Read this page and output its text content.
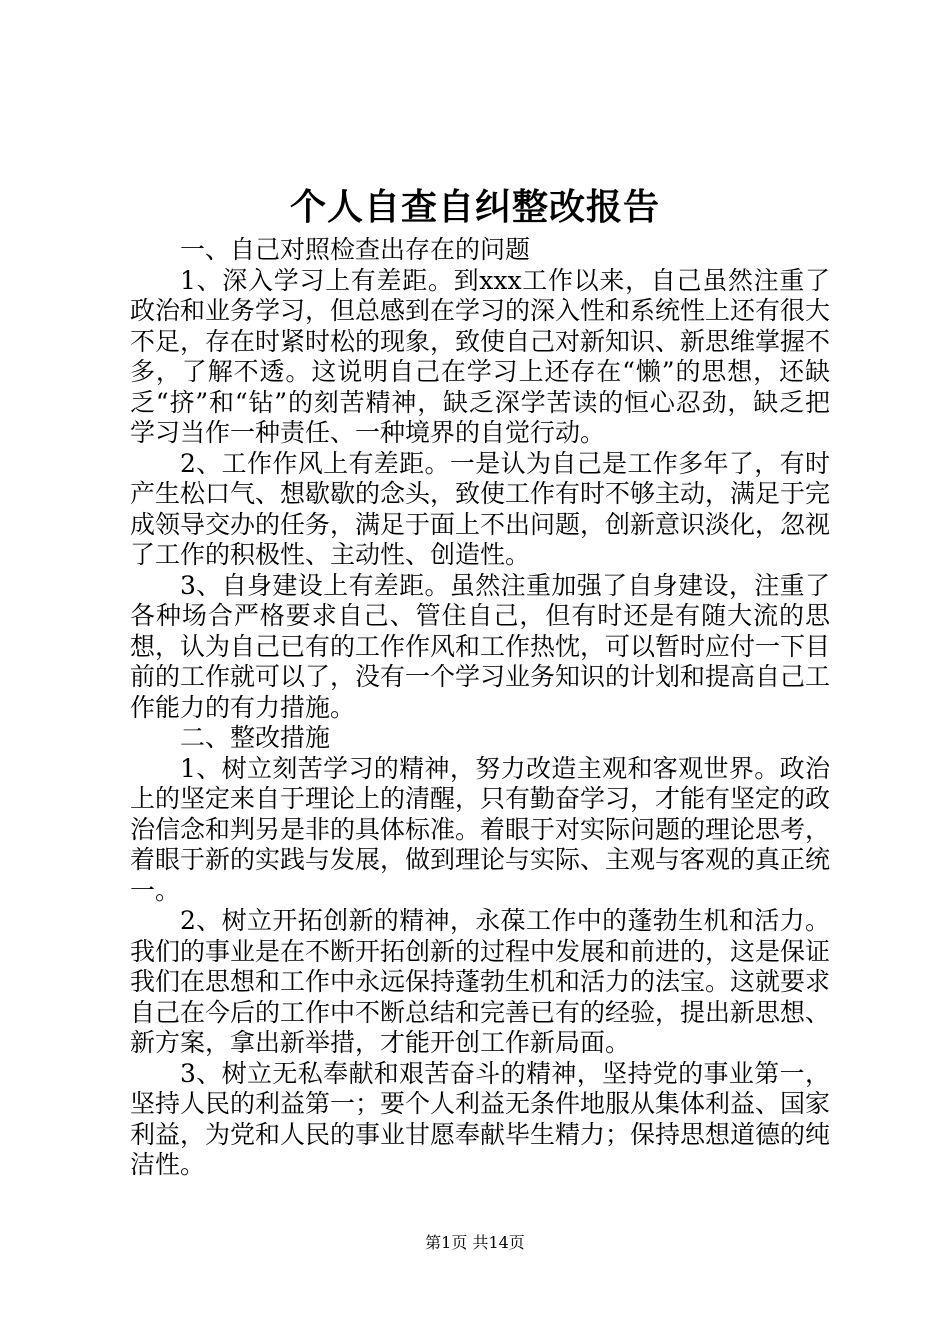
个人自查自纠整改报告

一、自己对照检查出存在的问题

1、深入学习上有差距。到xxx工作以来，自己虽然注重了政治和业务学习，但总感到在学习的深入性和系统性上还有很大不足，存在时紧时松的现象，致使自己对新知识、新思维掌握不多，了解不透。这说明自己在学习上还存在“懒”的思想，还缺乏“挤”和“钻”的刻苦精神，缺乏深学苦读的恒心忍劲，缺乏把学习当作一种责任、一种境界的自觉行动。

2、工作作风上有差距。一是认为自己是工作多年了，有时产生松口气、想歇歇的念头，致使工作有时不够主动，满足于完成领导交办的任务，满足于面上不出问题，创新意识淡化，忽视了工作的积极性、主动性、创造性。

3、自身建设上有差距。虽然注重加强了自身建设，注重了各种场合严格要求自己、管住自己，但有时还是有随大流的思想，认为自己已有的工作作风和工作热忱，可以暂时应付一下目前的工作就可以了，没有一个学习业务知识的计划和提高自己工作能力的有力措施。

二、整改措施

1、树立刻苦学习的精神，努力改造主观和客观世界。政治上的坚定来自于理论上的清醒，只有勤奋学习，才能有坚定的政治信念和判另是非的具体标准。着眼于对实际问题的理论思考，着眼于新的实践与发展，做到理论与实际、主观与客观的真正统一。

2、树立开拓创新的精神，永葆工作中的蓬勃生机和活力。我们的事业是在不断开拓创新的过程中发展和前进的，这是保证我们在思想和工作中永远保持蓬勃生机和活力的法宝。这就要求自己在今后的工作中不断总结和完善已有的经验，提出新思想、新方案，拿出新举措，才能开创工作新局面。

3、树立无私奉献和艰苦奋斗的精神，坚持党的事业第一，坚持人民的利益第一；要个人利益无条件地服从集体利益、国家利益，为党和人民的事业甘愿奉献毕生精力；保持思想道德的纯洁性。

第1页 共14页
